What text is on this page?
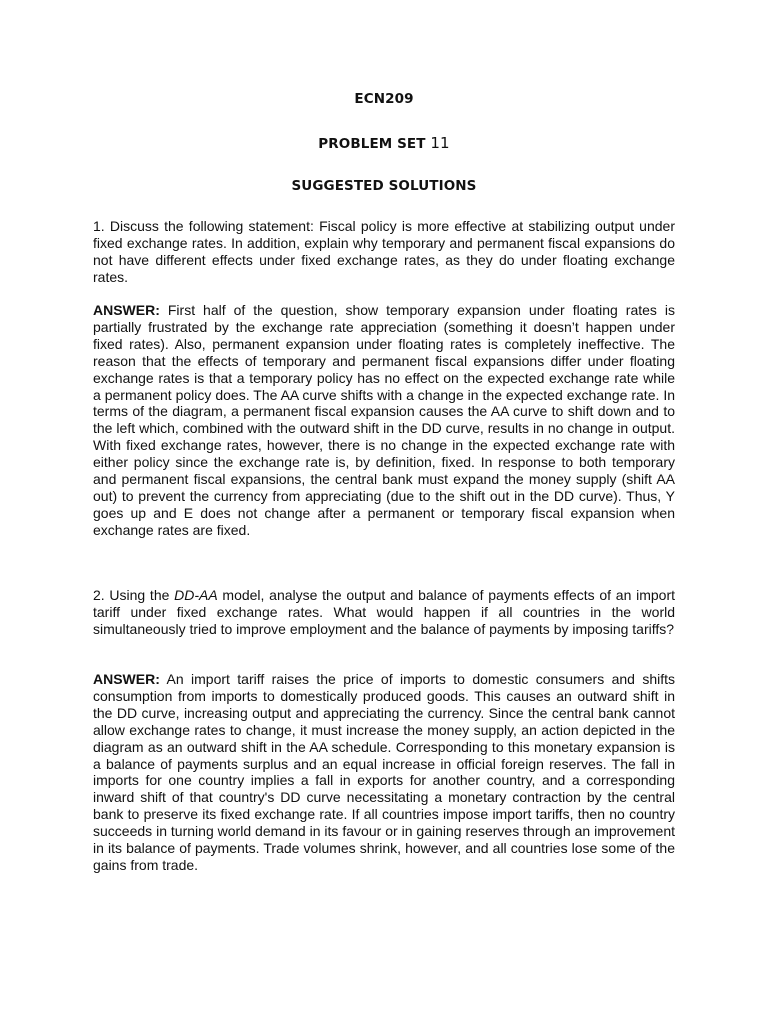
ECN209
PROBLEM SET 11
SUGGESTED SOLUTIONS
1. Discuss the following statement: Fiscal policy is more effective at stabilizing output under fixed exchange rates. In addition, explain why temporary and permanent fiscal expansions do not have different effects under fixed exchange rates, as they do under floating exchange rates.
ANSWER: First half of the question, show temporary expansion under floating rates is partially frustrated by the exchange rate appreciation (something it doesn’t happen under fixed rates). Also, permanent expansion under floating rates is completely ineffective. The reason that the effects of temporary and permanent fiscal expansions differ under floating exchange rates is that a temporary policy has no effect on the expected exchange rate while a permanent policy does. The AA curve shifts with a change in the expected exchange rate. In terms of the diagram, a permanent fiscal expansion causes the AA curve to shift down and to the left which, combined with the outward shift in the DD curve, results in no change in output. With fixed exchange rates, however, there is no change in the expected exchange rate with either policy since the exchange rate is, by definition, fixed. In response to both temporary and permanent fiscal expansions, the central bank must expand the money supply (shift AA out) to prevent the currency from appreciating (due to the shift out in the DD curve). Thus, Y goes up and E does not change after a permanent or temporary fiscal expansion when exchange rates are fixed.
2. Using the DD-AA model, analyse the output and balance of payments effects of an import tariff under fixed exchange rates. What would happen if all countries in the world simultaneously tried to improve employment and the balance of payments by imposing tariffs?
ANSWER: An import tariff raises the price of imports to domestic consumers and shifts consumption from imports to domestically produced goods. This causes an outward shift in the DD curve, increasing output and appreciating the currency. Since the central bank cannot allow exchange rates to change, it must increase the money supply, an action depicted in the diagram as an outward shift in the AA schedule. Corresponding to this monetary expansion is a balance of payments surplus and an equal increase in official foreign reserves. The fall in imports for one country implies a fall in exports for another country, and a corresponding inward shift of that country's DD curve necessitating a monetary contraction by the central bank to preserve its fixed exchange rate. If all countries impose import tariffs, then no country succeeds in turning world demand in its favour or in gaining reserves through an improvement in its balance of payments. Trade volumes shrink, however, and all countries lose some of the gains from trade.
